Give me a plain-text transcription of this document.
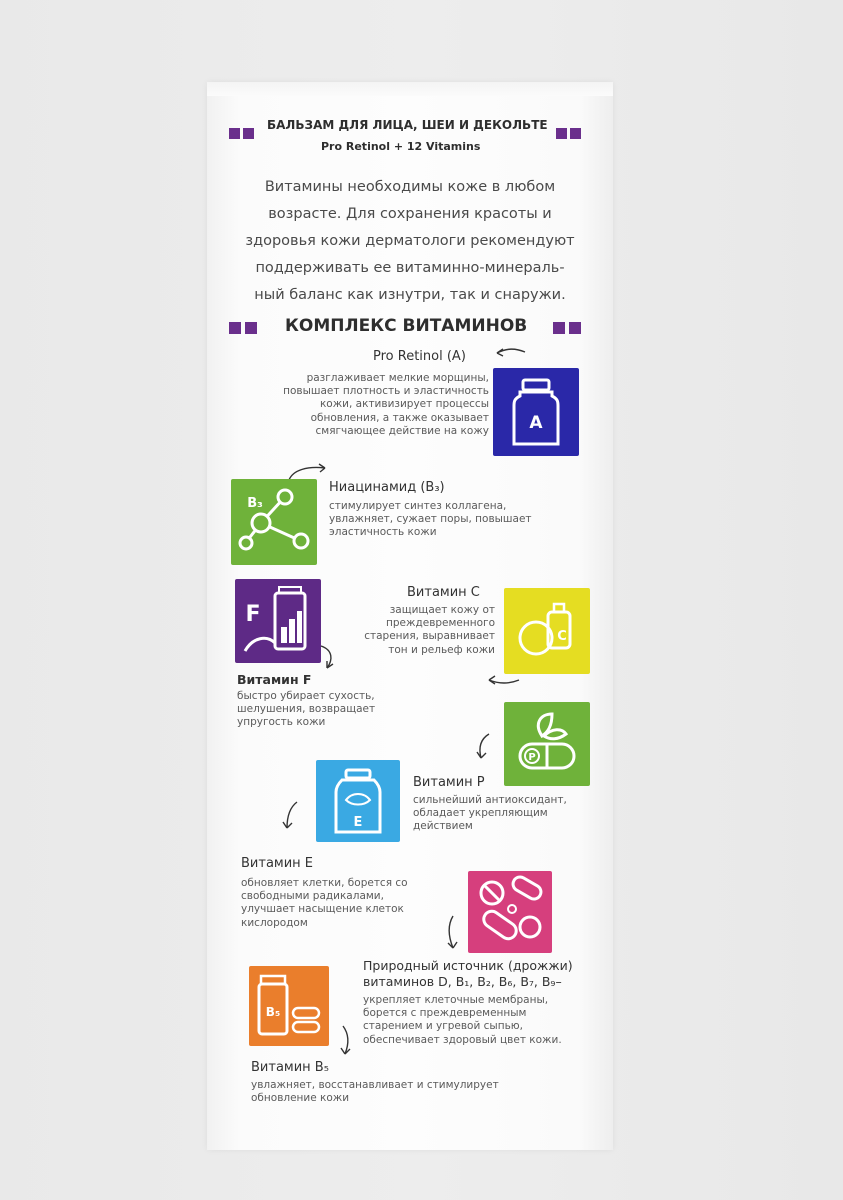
БАЛЬЗАМ ДЛЯ ЛИЦА, ШЕИ И ДЕКОЛЬТЕ
Pro Retinol + 12 Vitamins
Витамины необходимы коже в любом
возрасте. Для сохранения красоты и
здоровья кожи дерматологи рекомендуют
поддерживать ее витаминно-минераль-
ный баланс как изнутри, так и снаружи.
КОМПЛЕКС ВИТАМИНОВ
Pro Retinol (A)
разглаживает мелкие морщины,
повышает плотность и эластичность
кожи, активизирует процессы
обновления, а также оказывает
смягчающее действие на кожу A
B₃
Ниацинамид (B₃)
стимулирует синтез коллагена,
увлажняет, сужает поры, повышает
эластичность кожи
Витамин C
защищает кожу от
преждевременного
старения, выравнивает
тон и рельеф кожи
C
F
Витамин F
быстро убирает сухость,
шелушения, возвращает
упругость кожи
P
Витамин P
сильнейший антиоксидант,
обладает укрепляющим
действием
E
Витамин E
обновляет клетки, борется со
свободными радикалами,
улучшает насыщение клеток
кислородом
Природный источник (дрожжи)
витаминов D, B₁, B₂, B₆, B₇, B₉–
укрепляет клеточные мембраны,
борется с преждевременным
старением и угревой сыпью,
обеспечивает здоровый цвет кожи.
B₅
Витамин B₅
увлажняет, восстанавливает и стимулирует
обновление кожи
